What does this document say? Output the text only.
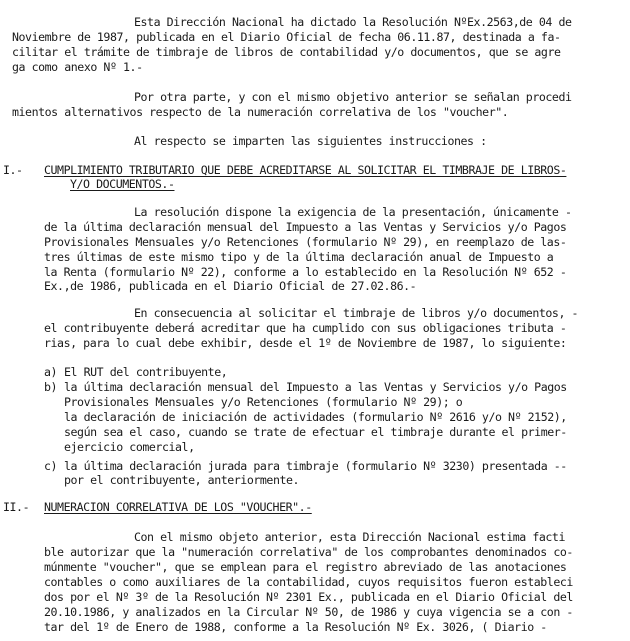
Esta Dirección Nacional ha dictado la Resolución NºEx.2563,de 04 de
Noviembre de 1987, publicada en el Diario Oficial de fecha 06.11.87, destinada a fa-
cilitar el trámite de timbraje de libros de contabilidad y/o documentos, que se agre
ga como anexo Nº 1.-
Por otra parte, y con el mismo objetivo anterior se señalan procedi
mientos alternativos respecto de la numeración correlativa de los "voucher".
Al respecto se imparten las siguientes instrucciones :
I.- CUMPLIMIENTO TRIBUTARIO QUE DEBE ACREDITARSE AL SOLICITAR EL TIMBRAJE DE LIBROS-
Y/O DOCUMENTOS.-
La resolución dispone la exigencia de la presentación, únicamente -
de la última declaración mensual del Impuesto a las Ventas y Servicios y/o Pagos
Provisionales Mensuales y/o Retenciones (formulario Nº 29), en reemplazo de las-
tres últimas de este mismo tipo y de la última declaración anual de Impuesto a
la Renta (formulario Nº 22), conforme a lo establecido en la Resolución Nº 652 -
Ex.,de 1986, publicada en el Diario Oficial de 27.02.86.-
En consecuencia al solicitar el timbraje de libros y/o documentos, -
el contribuyente deberá acreditar que ha cumplido con sus obligaciones tributa -
rias, para lo cual debe exhibir, desde el 1º de Noviembre de 1987, lo siguiente:
a) El RUT del contribuyente,
b) la última declaración mensual del Impuesto a las Ventas y Servicios y/o Pagos
Provisionales Mensuales y/o Retenciones (formulario Nº 29); o
la declaración de iniciación de actividades (formulario Nº 2616 y/o Nº 2152),
según sea el caso, cuando se trate de efectuar el timbraje durante el primer-
ejercicio comercial,
c) la última declaración jurada para timbraje (formulario Nº 3230) presentada --
por el contribuyente, anteriormente.
II.- NUMERACION CORRELATIVA DE LOS "VOUCHER".-
Con el mismo objeto anterior, esta Dirección Nacional estima facti
ble autorizar que la "numeración correlativa" de los comprobantes denominados co-
múnmente "voucher", que se emplean para el registro abreviado de las anotaciones
contables o como auxiliares de la contabilidad, cuyos requisitos fueron estableci
dos por el Nº 3º de la Resolución Nº 2301 Ex., publicada en el Diario Oficial del
20.10.1986, y analizados en la Circular Nº 50, de 1986 y cuya vigencia se a con -
tar del 1º de Enero de 1988, conforme a la Resolución Nº Ex. 3026, ( Diario -
